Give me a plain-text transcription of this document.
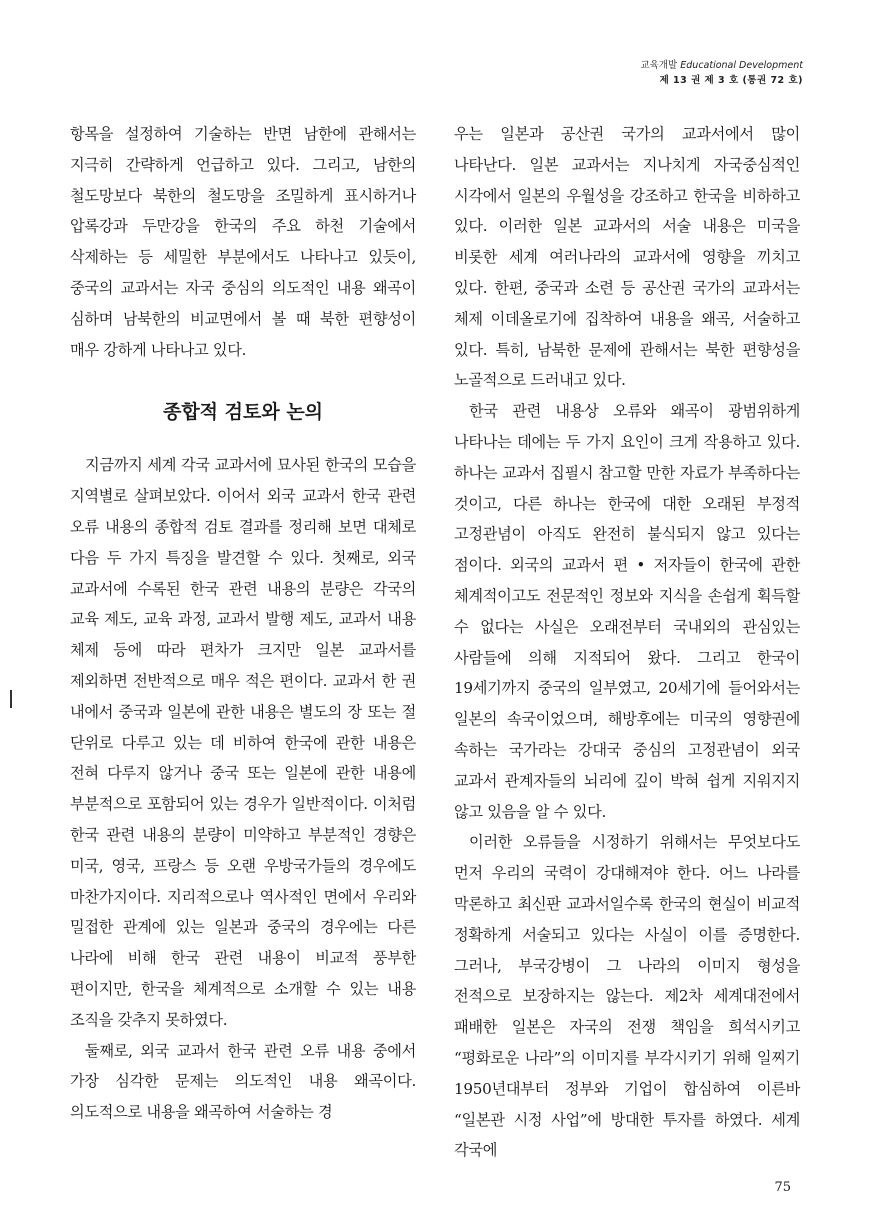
교육개발 Educational Development
제 13 권 제 3 호 (통권 72 호)

항목을 설정하여 기술하는 반면 남한에 관해서는 지극히 간략하게 언급하고 있다. 그리고, 남한의 철도망보다 북한의 철도망을 조밀하게 표시하거나 압록강과 두만강을 한국의 주요 하천 기술에서 삭제하는 등 세밀한 부분에서도 나타나고 있듯이, 중국의 교과서는 자국 중심의 의도적인 내용 왜곡이 심하며 남북한의 비교면에서 볼 때 북한 편향성이 매우 강하게 나타나고 있다.

종합적 검토와 논의

지금까지 세계 각국 교과서에 묘사된 한국의 모습을 지역별로 살펴보았다. 이어서 외국 교과서 한국 관련 오류 내용의 종합적 검토 결과를 정리해 보면 대체로 다음 두 가지 특징을 발견할 수 있다. 첫째로, 외국 교과서에 수록된 한국 관련 내용의 분량은 각국의 교육 제도, 교육 과정, 교과서 발행 제도, 교과서 내용 체제 등에 따라 편차가 크지만 일본 교과서를 제외하면 전반적으로 매우 적은 편이다. 교과서 한 권 내에서 중국과 일본에 관한 내용은 별도의 장 또는 절 단위로 다루고 있는 데 비하여 한국에 관한 내용은 전혀 다루지 않거나 중국 또는 일본에 관한 내용에 부분적으로 포함되어 있는 경우가 일반적이다. 이처럼 한국 관련 내용의 분량이 미약하고 부분적인 경향은 미국, 영국, 프랑스 등 오랜 우방국가들의 경우에도 마찬가지이다. 지리적으로나 역사적인 면에서 우리와 밀접한 관계에 있는 일본과 중국의 경우에는 다른 나라에 비해 한국 관련 내용이 비교적 풍부한 편이지만, 한국을 체계적으로 소개할 수 있는 내용 조직을 갖추지 못하였다.

둘째로, 외국 교과서 한국 관련 오류 내용 중에서 가장 심각한 문제는 의도적인 내용 왜곡이다. 의도적으로 내용을 왜곡하여 서술하는 경

우는 일본과 공산권 국가의 교과서에서 많이 나타난다. 일본 교과서는 지나치게 자국중심적인 시각에서 일본의 우월성을 강조하고 한국을 비하하고 있다. 이러한 일본 교과서의 서술 내용은 미국을 비롯한 세계 여러나라의 교과서에 영향을 끼치고 있다. 한편, 중국과 소련 등 공산권 국가의 교과서는 체제 이데올로기에 집착하여 내용을 왜곡, 서술하고 있다. 특히, 남북한 문제에 관해서는 북한 편향성을 노골적으로 드러내고 있다.

한국 관련 내용상 오류와 왜곡이 광범위하게 나타나는 데에는 두 가지 요인이 크게 작용하고 있다. 하나는 교과서 집필시 참고할 만한 자료가 부족하다는 것이고, 다른 하나는 한국에 대한 오래된 부정적 고정관념이 아직도 완전히 불식되지 않고 있다는 점이다. 외국의 교과서 편 • 저자들이 한국에 관한 체계적이고도 전문적인 정보와 지식을 손쉽게 획득할 수 없다는 사실은 오래전부터 국내외의 관심있는 사람들에 의해 지적되어 왔다. 그리고 한국이 19세기까지 중국의 일부였고, 20세기에 들어와서는 일본의 속국이었으며, 해방후에는 미국의 영향권에 속하는 국가라는 강대국 중심의 고정관념이 외국 교과서 관계자들의 뇌리에 깊이 박혀 쉽게 지워지지 않고 있음을 알 수 있다.

이러한 오류들을 시정하기 위해서는 무엇보다도 먼저 우리의 국력이 강대해져야 한다. 어느 나라를 막론하고 최신판 교과서일수록 한국의 현실이 비교적 정확하게 서술되고 있다는 사실이 이를 증명한다. 그러나, 부국강병이 그 나라의 이미지 형성을 전적으로 보장하지는 않는다. 제2차 세계대전에서 패배한 일본은 자국의 전쟁 책임을 희석시키고 “평화로운 나라”의 이미지를 부각시키기 위해 일찌기 1950년대부터 정부와 기업이 합심하여 이른바 “일본관 시정 사업”에 방대한 투자를 하였다. 세계 각국에

75
